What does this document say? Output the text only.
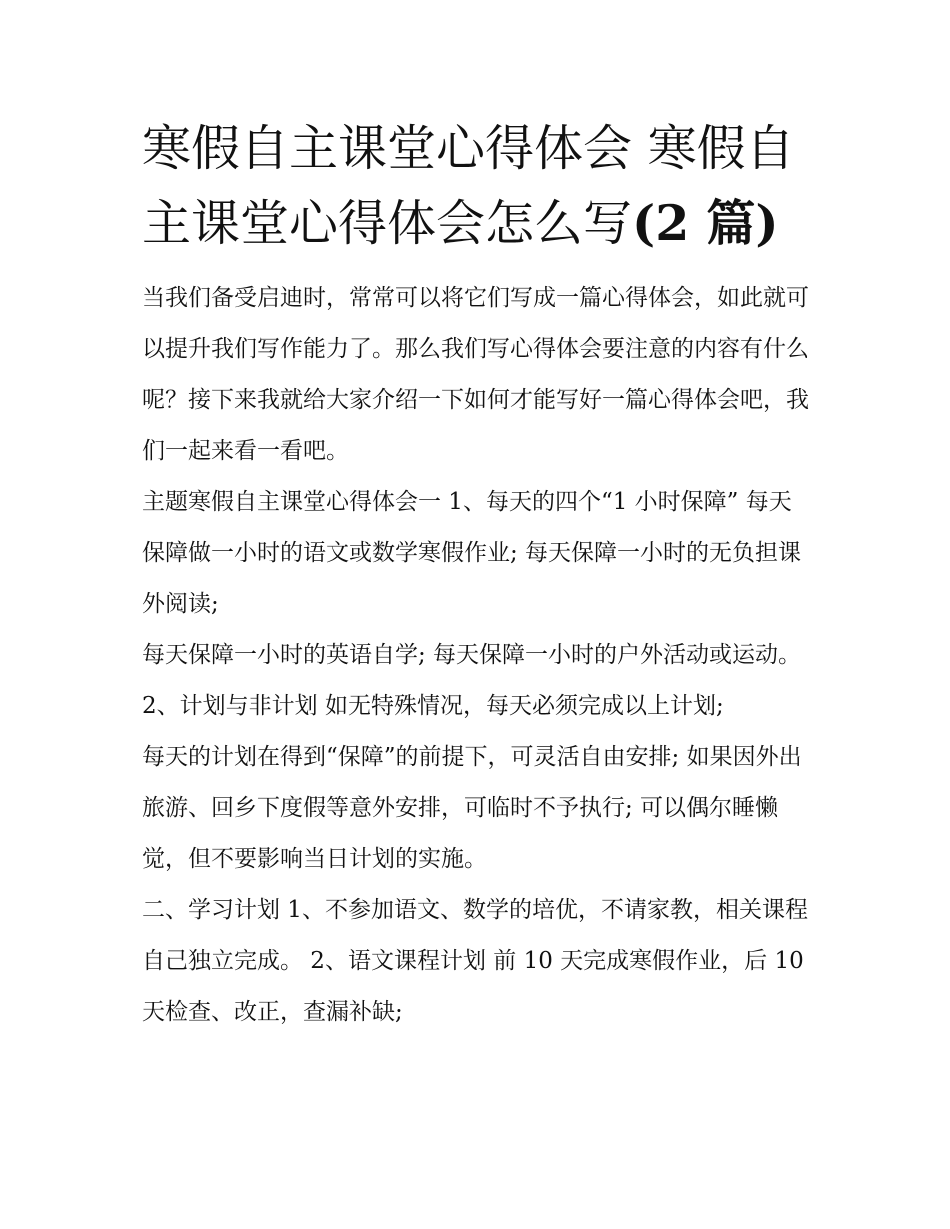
寒假自主课堂心得体会 寒假自主课堂心得体会怎么写(2 篇)

当我们备受启迪时，常常可以将它们写成一篇心得体会，如此就可以提升我们写作能力了。那么我们写心得体会要注意的内容有什么呢？接下来我就给大家介绍一下如何才能写好一篇心得体会吧，我们一起来看一看吧。

主题寒假自主课堂心得体会一 1、每天的四个“1 小时保障” 每天保障做一小时的语文或数学寒假作业; 每天保障一小时的无负担课外阅读;

每天保障一小时的英语自学; 每天保障一小时的户外活动或运动。 2、计划与非计划 如无特殊情况，每天必须完成以上计划;

每天的计划在得到“保障”的前提下，可灵活自由安排; 如果因外出旅游、回乡下度假等意外安排，可临时不予执行; 可以偶尔睡懒觉，但不要影响当日计划的实施。

二、学习计划 1、不参加语文、数学的培优，不请家教，相关课程自己独立完成。 2、语文课程计划 前 10 天完成寒假作业，后 10 天检查、改正，查漏补缺;
